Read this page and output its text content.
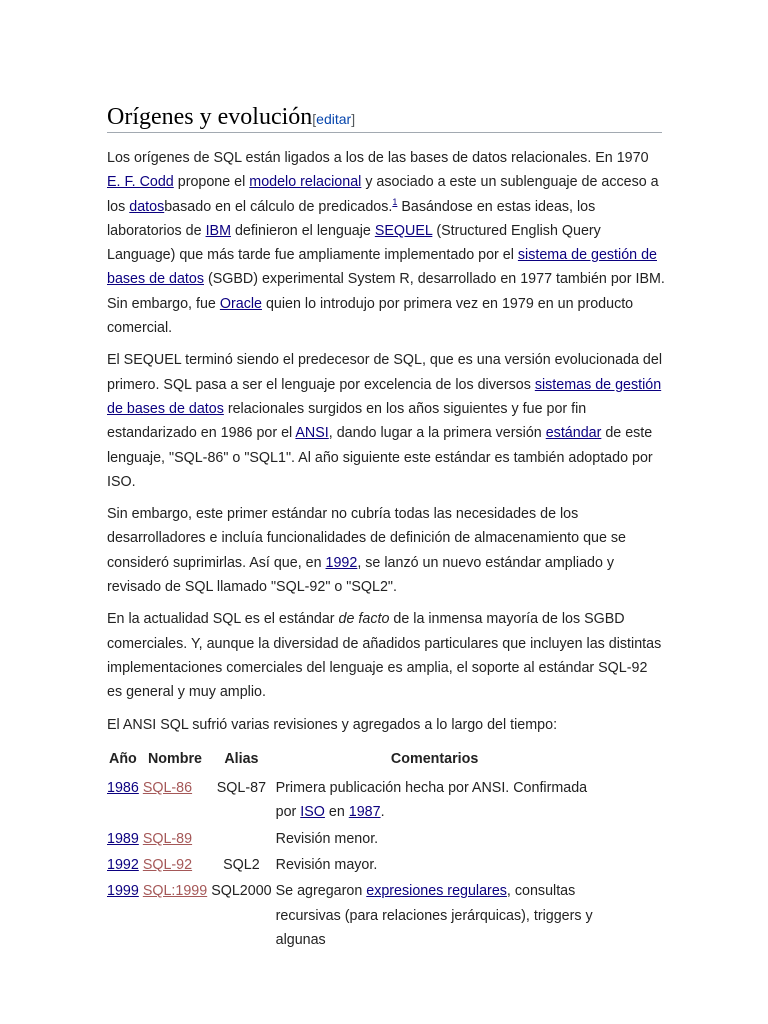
Orígenes y evolución[editar]

Los orígenes de SQL están ligados a los de las bases de datos relacionales. En 1970 E. F. Codd propone el modelo relacional y asociado a este un sublenguaje de acceso a los datosbasado en el cálculo de predicados.$^1$ Basándose en estas ideas, los laboratorios de IBM definieron el lenguaje SEQUEL (Structured English Query Language) que más tarde fue ampliamente implementado por el sistema de gestión de bases de datos (SGBD) experimental System R, desarrollado en 1977 también por IBM. Sin embargo, fue Oracle quien lo introdujo por primera vez en 1979 en un producto comercial.

El SEQUEL terminó siendo el predecesor de SQL, que es una versión evolucionada del primero. SQL pasa a ser el lenguaje por excelencia de los diversos sistemas de gestión de bases de datos relacionales surgidos en los años siguientes y fue por fin estandarizado en 1986 por el ANSI, dando lugar a la primera versión estándar de este lenguaje, "SQL-86" o "SQL1". Al año siguiente este estándar es también adoptado por ISO.

Sin embargo, este primer estándar no cubría todas las necesidades de los desarrolladores e incluía funcionalidades de definición de almacenamiento que se consideró suprimirlas. Así que, en 1992, se lanzó un nuevo estándar ampliado y revisado de SQL llamado "SQL-92" o "SQL2".

En la actualidad SQL es el estándar de facto de la inmensa mayoría de los SGBD comerciales. Y, aunque la diversidad de añadidos particulares que incluyen las distintas implementaciones comerciales del lenguaje es amplia, el soporte al estándar SQL-92 es general y muy amplio.

El ANSI SQL sufrió varias revisiones y agregados a lo largo del tiempo:

Año	Nombre	Alias	Comentarios
1986	SQL-86	SQL-87	Primera publicación hecha por ANSI. Confirmada por ISO en 1987.
1989	SQL-89		Revisión menor.
1992	SQL-92	SQL2	Revisión mayor.
1999	SQL:1999	SQL2000	Se agregaron expresiones regulares, consultas recursivas (para relaciones jerárquicas), triggers y algunas
